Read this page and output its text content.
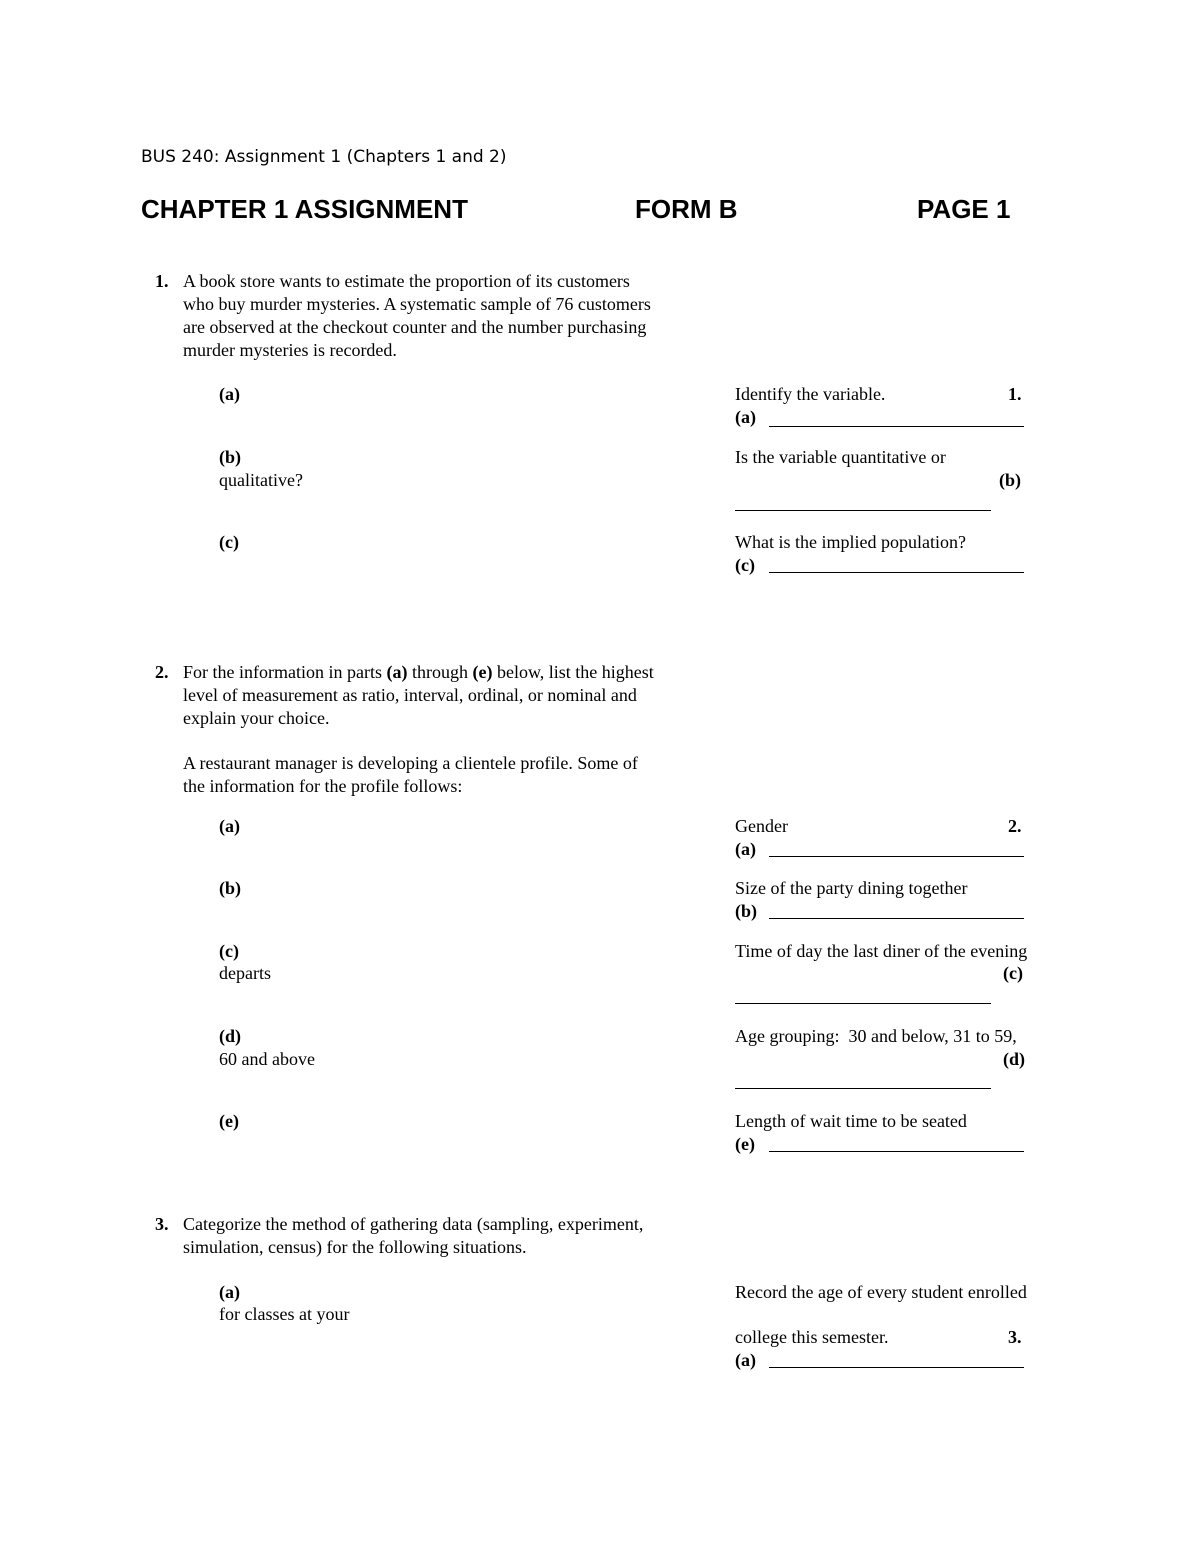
BUS 240: Assignment 1 (Chapters 1 and 2)
CHAPTER 1 ASSIGNMENT	FORM B	PAGE 1
1. A book store wants to estimate the proportion of its customers
who buy murder mysteries. A systematic sample of 76 customers
are observed at the checkout counter and the number purchasing
murder mysteries is recorded.
(a)	Identify the variable.	1.
(a)
(b)	Is the variable quantitative or
qualitative?	(b)
(c)	What is the implied population?
(c)
2. For the information in parts (a) through (e) below, list the highest
level of measurement as ratio, interval, ordinal, or nominal and
explain your choice.
A restaurant manager is developing a clientele profile. Some of
the information for the profile follows:
(a)	Gender	2.
(a)
(b)	Size of the party dining together
(b)
(c)	Time of day the last diner of the evening
departs	(c)
(d)	Age grouping:  30 and below, 31 to 59,
60 and above	(d)
(e)	Length of wait time to be seated
(e)
3. Categorize the method of gathering data (sampling, experiment,
simulation, census) for the following situations.
(a)	Record the age of every student enrolled
for classes at your
college this semester.	3.
(a)
